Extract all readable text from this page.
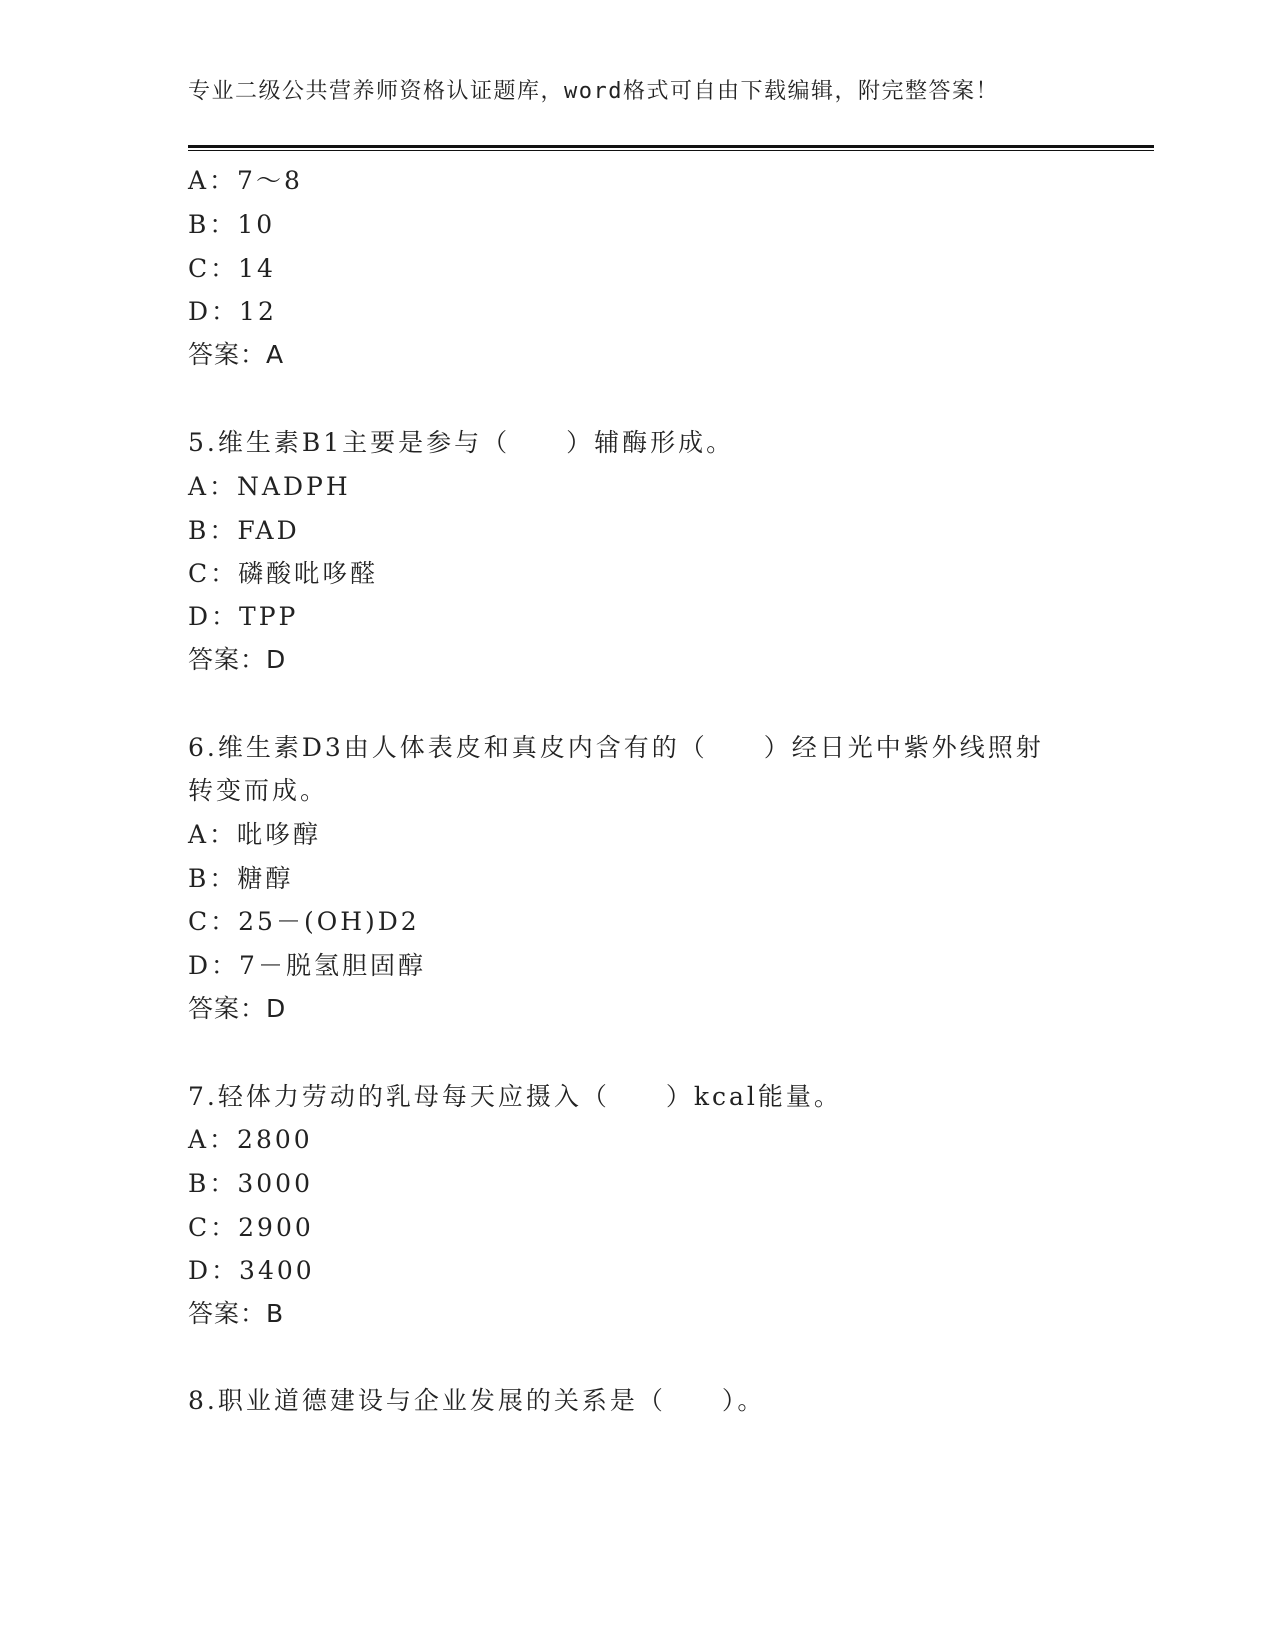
专业二级公共营养师资格认证题库，word格式可自由下载编辑，附完整答案！
A：7～8
B：10
C：14
D：12
答案：A
5.维生素B1主要是参与（　　）辅酶形成。
A：NADPH
B：FAD
C：磷酸吡哆醛
D：TPP
答案：D
6.维生素D3由人体表皮和真皮内含有的（　　）经日光中紫外线照射
转变而成。
A：吡哆醇
B：糖醇
C：25－(OH)D2
D：7－脱氢胆固醇
答案：D
7.轻体力劳动的乳母每天应摄入（　　）kcal能量。
A：2800
B：3000
C：2900
D：3400
答案：B
8.职业道德建设与企业发展的关系是（　　）。
